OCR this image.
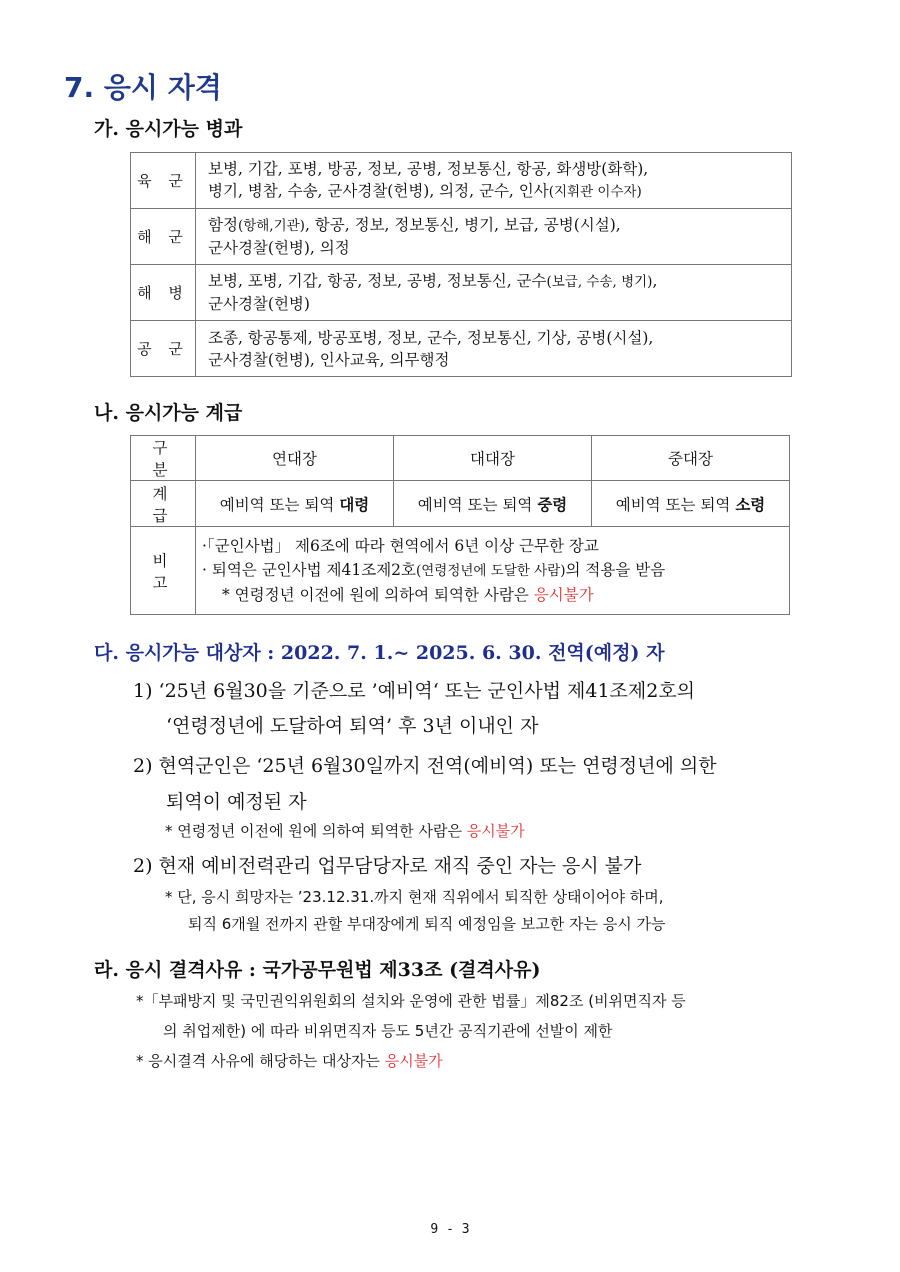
7. 응시 자격
가. 응시가능 병과
육 군	보병, 기갑, 포병, 방공, 정보, 공병, 정보통신, 항공, 화생방(화학),
병기, 병참, 수송, 군사경찰(헌병), 의정, 군수, 인사(지휘관 이수자)

해 군	함정(항해,기관), 항공, 정보, 정보통신, 병기, 보급, 공병(시설),
군사경찰(헌병), 의정

해 병	보병, 포병, 기갑, 항공, 정보, 공병, 정보통신, 군수(보급, 수송, 병기),
군사경찰(헌병)

공 군	조종, 항공통제, 방공포병, 정보, 군수, 정보통신, 기상, 공병(시설),
군사경찰(헌병), 인사교육, 의무행정
나. 응시가능 계급
구 분	연대장	대대장	중대장
계 급	예비역 또는 퇴역 대령	예비역 또는 퇴역 중령	예비역 또는 퇴역 소령
비 고	·「군인사법」 제6조에 따라 현역에서 6년 이상 근무한 장교
· 퇴역은 군인사법 제41조제2호(연령정년에 도달한 사람)의 적용을 받음
* 연령정년 이전에 원에 의하여 퇴역한 사람은 응시불가		
다. 응시가능 대상자 : 2022. 7. 1.~ 2025. 6. 30. 전역(예정) 자
1) ‘25년 6월30을 기준으로 ’예비역‘ 또는 군인사법 제41조제2호의
‘연령정년에 도달하여 퇴역’ 후 3년 이내인 자
2) 현역군인은 ‘25년 6월30일까지 전역(예비역) 또는 연령정년에 의한
퇴역이 예정된 자
* 연령정년 이전에 원에 의하여 퇴역한 사람은 응시불가
2) 현재 예비전력관리 업무담당자로 재직 중인 자는 응시 불가
* 단, 응시 희망자는 ’23.12.31.까지 현재 직위에서 퇴직한 상태이어야 하며,
퇴직 6개월 전까지 관할 부대장에게 퇴직 예정임을 보고한 자는 응시 가능
라. 응시 결격사유 : 국가공무원법 제33조 (결격사유)
*「부패방지 및 국민권익위원회의 설치와 운영에 관한 법률」제82조 (비위면직자 등
의 취업제한) 에 따라 비위면직자 등도 5년간 공직기관에 선발이 제한
* 응시결격 사유에 해당하는 대상자는 응시불가
9 - 3
